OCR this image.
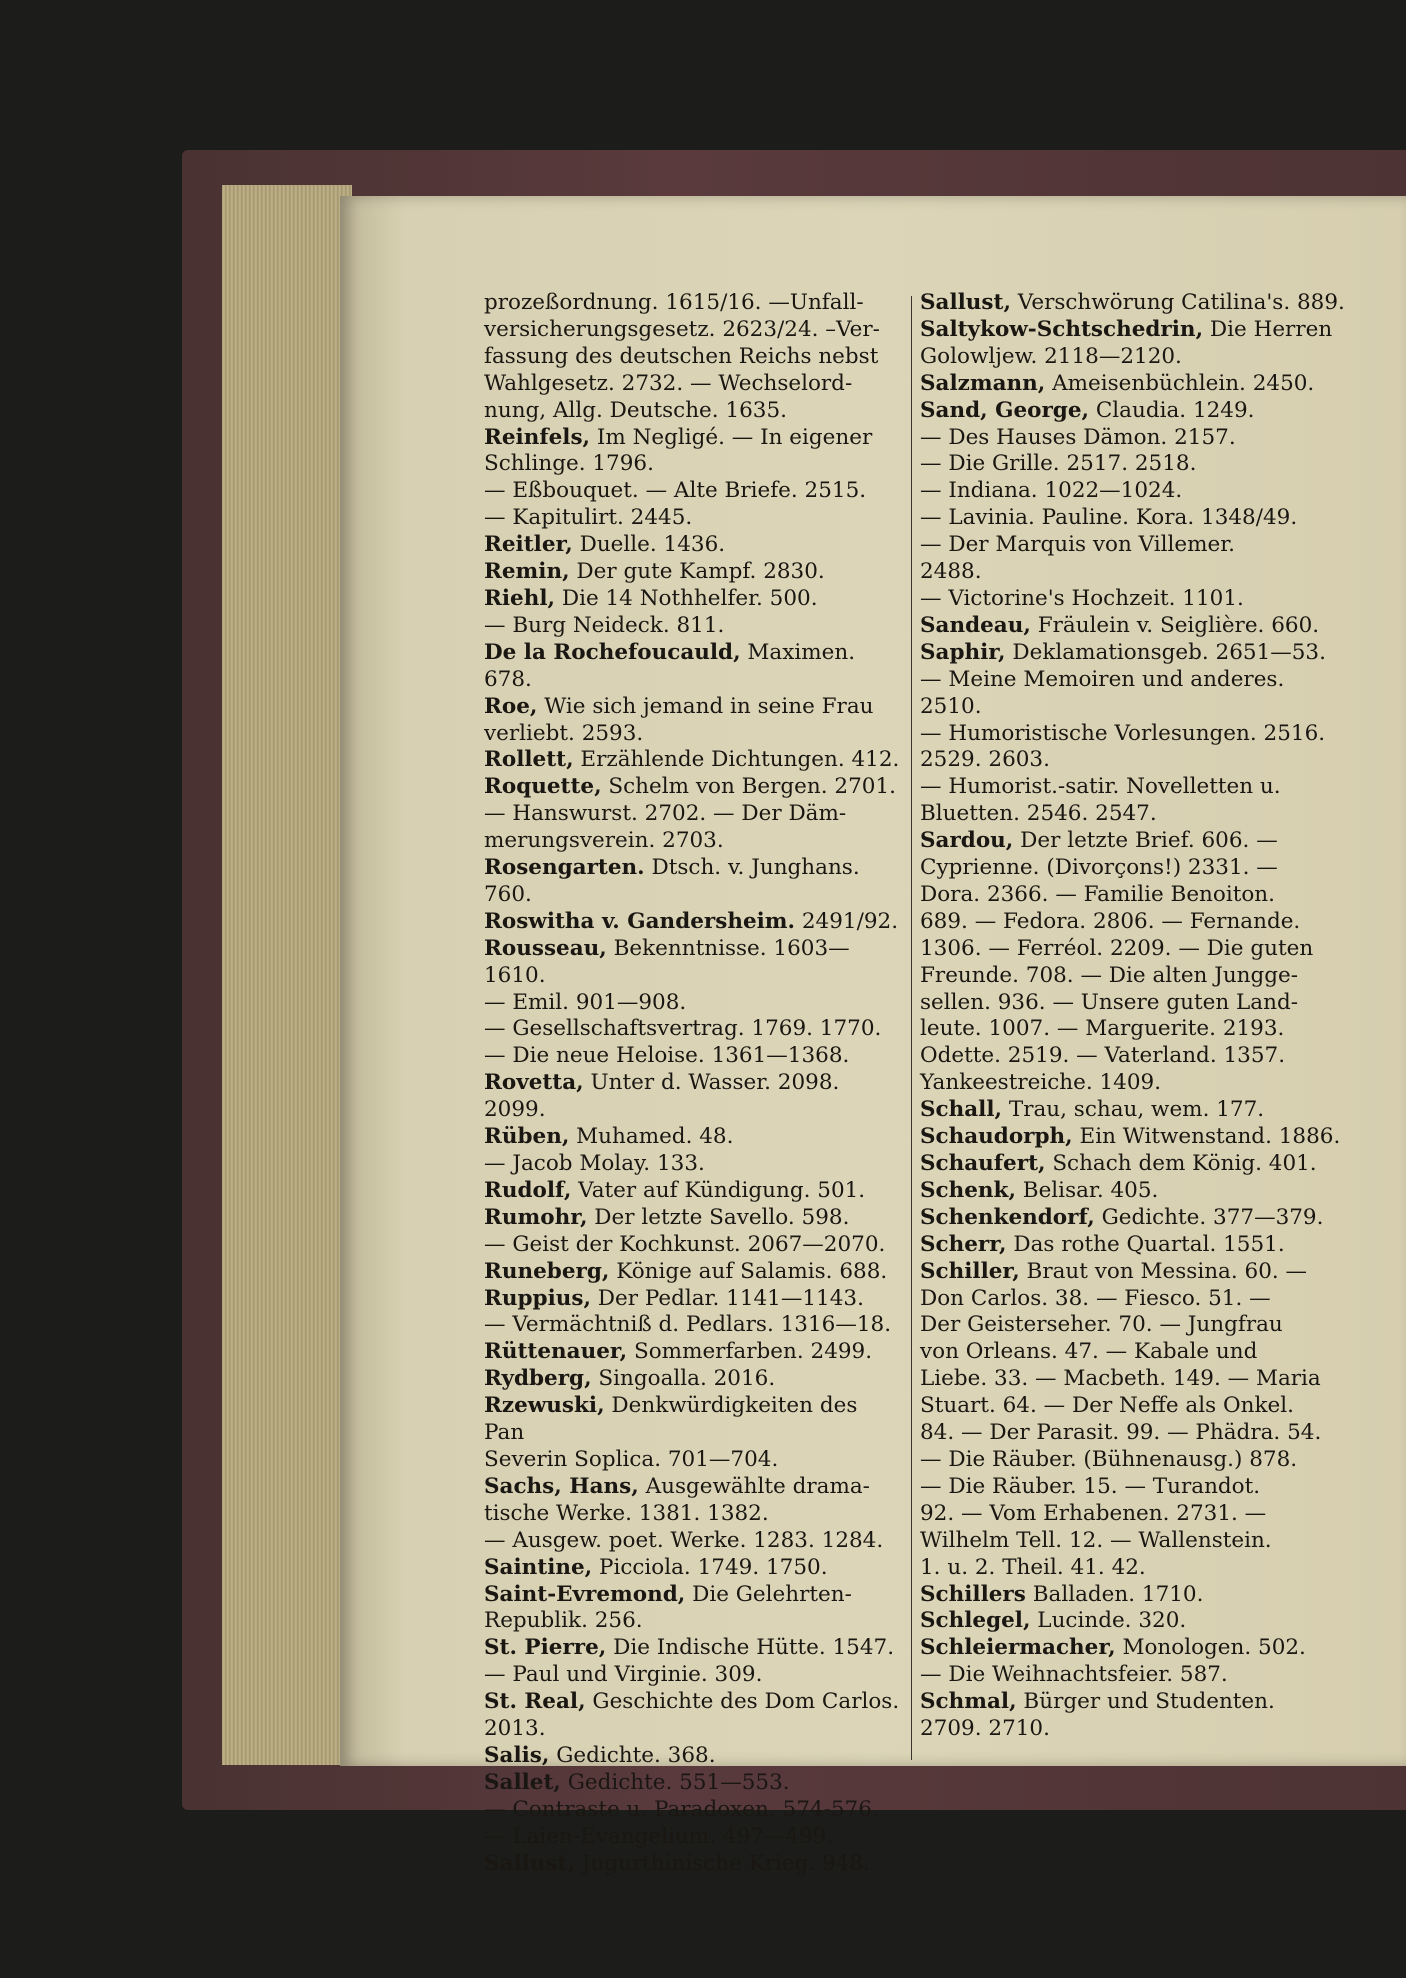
prozeßordnung. 1615/16. —Unfall-
versicherungsgesetz. 2623/24. –Ver-
fassung des deutschen Reichs nebst
Wahlgesetz. 2732. — Wechselord-
nung, Allg. Deutsche. 1635.
Reinfels, Im Negligé. — In eigener
Schlinge. 1796.
— Eßbouquet. — Alte Briefe. 2515.
— Kapitulirt. 2445.
Reitler, Duelle. 1436.
Remin, Der gute Kampf. 2830.
Riehl, Die 14 Nothhelfer. 500.
— Burg Neideck. 811.
De la Rochefoucauld, Maximen. 678.
Roe, Wie sich jemand in seine Frau
verliebt. 2593.
Rollett, Erzählende Dichtungen. 412.
Roquette, Schelm von Bergen. 2701.
— Hanswurst. 2702. — Der Däm-
merungsverein. 2703.
Rosengarten. Dtsch. v. Junghans. 760.
Roswitha v. Gandersheim. 2491/92.
Rousseau, Bekenntnisse. 1603—1610.
— Emil. 901—908.
— Gesellschaftsvertrag. 1769. 1770.
— Die neue Heloise. 1361—1368.
Rovetta, Unter d. Wasser. 2098. 2099.
Rüben, Muhamed. 48.
— Jacob Molay. 133.
Rudolf, Vater auf Kündigung. 501.
Rumohr, Der letzte Savello. 598.
— Geist der Kochkunst. 2067—2070.
Runeberg, Könige auf Salamis. 688.
Ruppius, Der Pedlar. 1141—1143.
— Vermächtniß d. Pedlars. 1316—18.
Rüttenauer, Sommerfarben. 2499.
Rydberg, Singoalla. 2016.
Rzewuski, Denkwürdigkeiten des Pan
Severin Soplica. 701—704.
Sachs, Hans, Ausgewählte drama-
tische Werke. 1381. 1382.
— Ausgew. poet. Werke. 1283. 1284.
Saintine, Picciola. 1749. 1750.
Saint-Evremond, Die Gelehrten-
Republik. 256.
St. Pierre, Die Indische Hütte. 1547.
— Paul und Virginie. 309.
St. Real, Geschichte des Dom Carlos.
2013.
Salis, Gedichte. 368.
Sallet, Gedichte. 551—553.
— Contraste u. Paradoxen. 574-576.
— Laien-Evangelium. 497—499.
Sallust, Jugurthinische Krieg. 948.
Sallust, Verschwörung Catilina's. 889.
Saltykow-Schtschedrin, Die Herren
Golowljew. 2118—2120.
Salzmann, Ameisenbüchlein. 2450.
Sand, George, Claudia. 1249.
— Des Hauses Dämon. 2157.
— Die Grille. 2517. 2518.
— Indiana. 1022—1024.
— Lavinia. Pauline. Kora. 1348/49.
— Der Marquis von Villemer.
2488.
— Victorine's Hochzeit. 1101.
Sandeau, Fräulein v. Seiglière. 660.
Saphir, Deklamationsgeb. 2651—53.
— Meine Memoiren und anderes.
2510.
— Humoristische Vorlesungen. 2516.
2529. 2603.
— Humorist.-satir. Novelletten u.
Bluetten. 2546. 2547.
Sardou, Der letzte Brief. 606. —
Cyprienne. (Divorçons!) 2331. —
Dora. 2366. — Familie Benoiton.
689. — Fedora. 2806. — Fernande.
1306. — Ferréol. 2209. — Die guten
Freunde. 708. — Die alten Jungge-
sellen. 936. — Unsere guten Land-
leute. 1007. — Marguerite. 2193.
Odette. 2519. — Vaterland. 1357.
Yankeestreiche. 1409.
Schall, Trau, schau, wem. 177.
Schaudorph, Ein Witwenstand. 1886.
Schaufert, Schach dem König. 401.
Schenk, Belisar. 405.
Schenkendorf, Gedichte. 377—379.
Scherr, Das rothe Quartal. 1551.
Schiller, Braut von Messina. 60. —
Don Carlos. 38. — Fiesco. 51. —
Der Geisterseher. 70. — Jungfrau
von Orleans. 47. — Kabale und
Liebe. 33. — Macbeth. 149. — Maria
Stuart. 64. — Der Neffe als Onkel.
84. — Der Parasit. 99. — Phädra. 54.
— Die Räuber. (Bühnenausg.) 878.
— Die Räuber. 15. — Turandot.
92. — Vom Erhabenen. 2731. —
Wilhelm Tell. 12. — Wallenstein.
1. u. 2. Theil. 41. 42.
Schillers Balladen. 1710.
Schlegel, Lucinde. 320.
Schleiermacher, Monologen. 502.
— Die Weihnachtsfeier. 587.
Schmal, Bürger und Studenten.
2709. 2710.
